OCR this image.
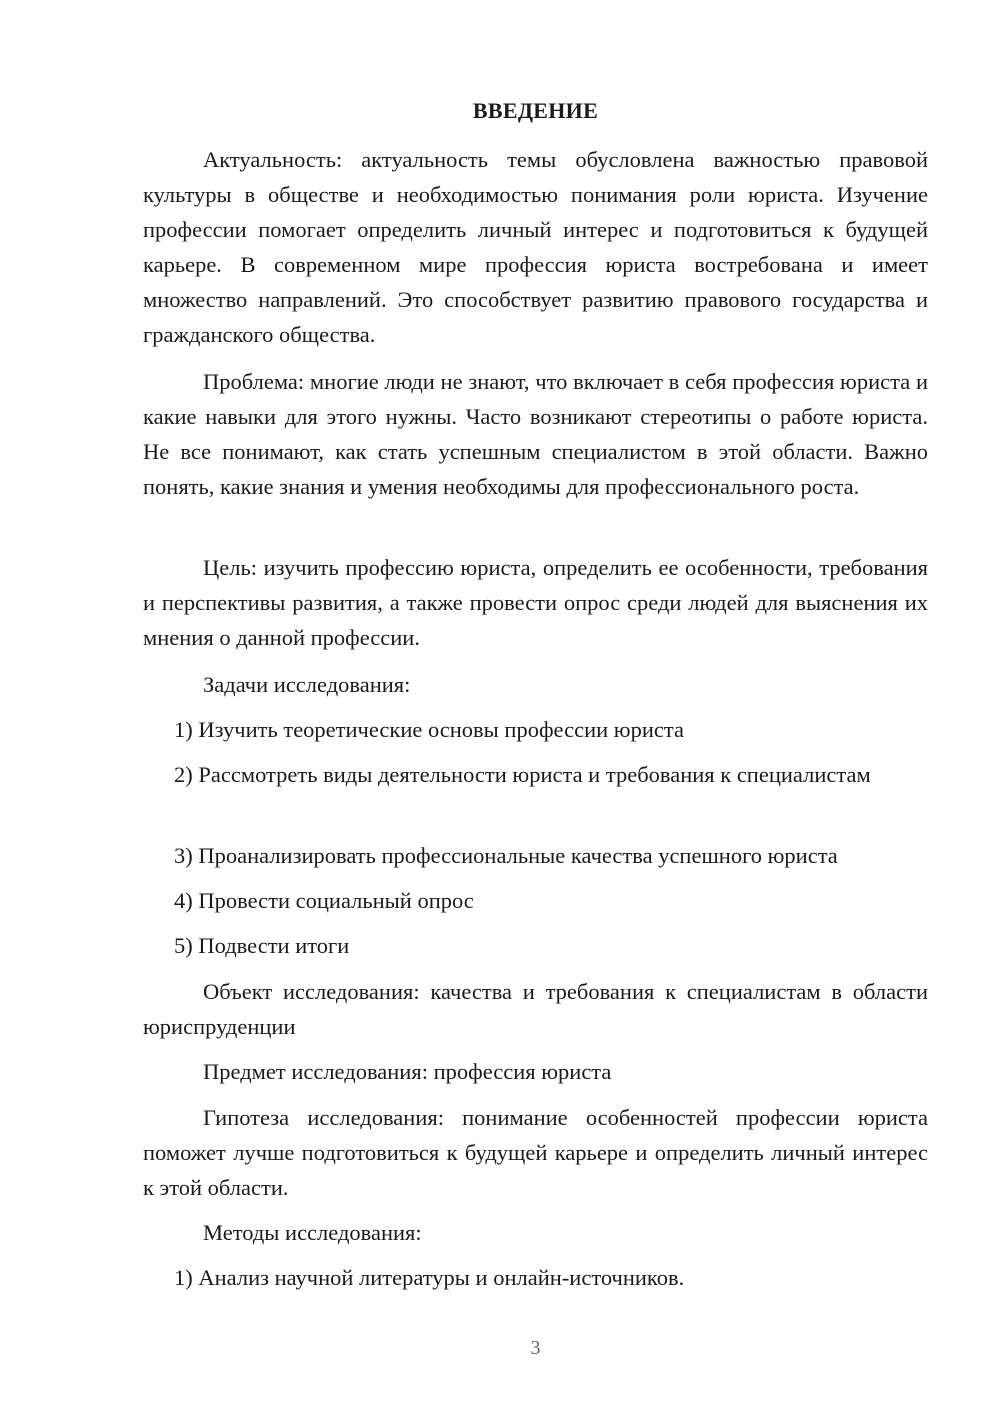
ВВЕДЕНИЕ

Актуальность: актуальность темы обусловлена важностью правовой культуры в обществе и необходимостью понимания роли юриста. Изучение профессии помогает определить личный интерес и подготовиться к будущей карьере. В современном мире профессия юриста востребована и имеет множество направлений. Это способствует развитию правового государства и гражданского общества.

Проблема: многие люди не знают, что включает в себя профессия юриста и какие навыки для этого нужны. Часто возникают стереотипы о работе юриста. Не все понимают, как стать успешным специалистом в этой области. Важно понять, какие знания и умения необходимы для профессионального роста.

Цель: изучить профессию юриста, определить ее особенности, требования и перспективы развития, а также провести опрос среди людей для выяснения их мнения о данной профессии.

Задачи исследования:

1) Изучить теоретические основы профессии юриста

2) Рассмотреть виды деятельности юриста и требования к специалистам

3) Проанализировать профессиональные качества успешного юриста

4) Провести социальный опрос

5) Подвести итоги

Объект исследования: качества и требования к специалистам в области юриспруденции

Предмет исследования: профессия юриста

Гипотеза исследования: понимание особенностей профессии юриста поможет лучше подготовиться к будущей карьере и определить личный интерес к этой области.

Методы исследования:

1) Анализ научной литературы и онлайн-источников.

3
